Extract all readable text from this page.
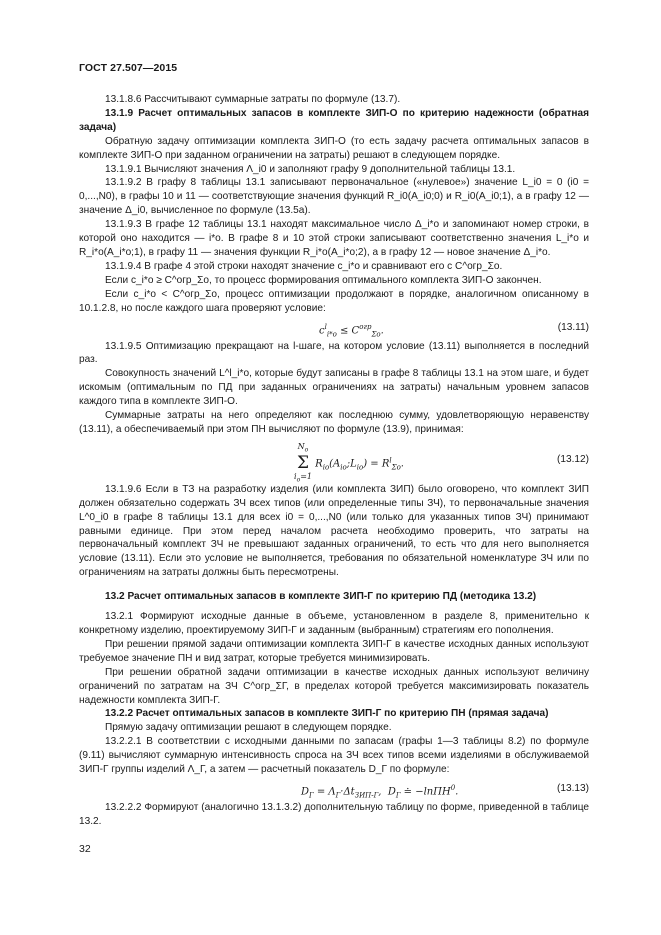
ГОСТ 27.507—2015

13.1.8.6 Рассчитывают суммарные затраты по формуле (13.7).

13.1.9 Расчет оптимальных запасов в комплекте ЗИП-О по критерию надежности (обратная задача)

Обратную задачу оптимизации комплекта ЗИП-О (то есть задачу расчета оптимальных запасов в комплекте ЗИП-О при заданном ограничении на затраты) решают в следующем порядке.

13.1.9.1 Вычисляют значения Λ_i0 и заполняют графу 9 дополнительной таблицы 13.1.

13.1.9.2 В графу 8 таблицы 13.1 записывают первоначальное («нулевое») значение L_i0 = 0 (i0 = 0,...,N0), в графы 10 и 11 — соответствующие значения функций R_i0(A_i0;0) и R_i0(A_i0;1), а в графу 12 — значение Δ_i0, вычисленное по формуле (13.5а).

13.1.9.3 В графе 12 таблицы 13.1 находят максимальное число Δ_i*o и запоминают номер строки, в которой оно находится — i*o. В графе 8 и 10 этой строки записывают соответственно значения L_i*o и R_i*o(A_i*o;1), в графу 11 — значения функции R_i*o(A_i*o;2), а в графу 12 — новое значение Δ_i*o.

13.1.9.4 В графе 4 этой строки находят значение c_i*o и сравнивают его с C^огр_Σo.

Если c_i*o ≥ C^огр_Σo, то процесс формирования оптимального комплекта ЗИП-О закончен.

Если c_i*o < C^огр_Σo, процесс оптимизации продолжают в порядке, аналогичном описанному в 10.1.2.8, но после каждого шага проверяют условие:

$c^l_{i*o} \le C^{огр}_{\Sigma o}$.	(13.11)

13.1.9.5 Оптимизацию прекращают на l-шаге, на котором условие (13.11) выполняется в последний раз.

Совокупность значений L^l_i*o, которые будут записаны в графе 8 таблицы 13.1 на этом шаге, и будет искомым (оптимальным по ПД при заданных ограничениях на затраты) начальным уровнем запасов каждого типа в комплекте ЗИП-О.

Суммарные затраты на него определяют как последнюю сумму, удовлетворяющую неравенству (13.11), а обеспечиваемый при этом ПН вычисляют по формуле (13.9), принимая:

$N_o$
Σ
$i_o=1$ $R_{io}(A_{io};L_{io}) = R^l_{\Sigma o}$.	(13.12)

13.1.9.6 Если в ТЗ на разработку изделия (или комплекта ЗИП) было оговорено, что комплект ЗИП должен обязательно содержать ЗЧ всех типов (или определенные типы ЗЧ), то первоначальные значения L^0_i0 в графе 8 таблицы 13.1 для всех i0 = 0,...,N0 (или только для указанных типов ЗЧ) принимают равными единице. При этом перед началом расчета необходимо проверить, что затраты на первоначальный комплект ЗЧ не превышают заданных ограничений, то есть что для него выполняется условие (13.11). Если это условие не выполняется, требования по обязательной номенклатуре ЗЧ или по ограничениям на затраты должны быть пересмотрены.

13.2 Расчет оптимальных запасов в комплекте ЗИП-Г по критерию ПД (методика 13.2)

13.2.1 Формируют исходные данные в объеме, установленном в разделе 8, применительно к конкретному изделию, проектируемому ЗИП-Г и заданным (выбранным) стратегиям его пополнения.

При решении прямой задачи оптимизации комплекта ЗИП-Г в качестве исходных данных используют требуемое значение ПН и вид затрат, которые требуется минимизировать.

При решении обратной задачи оптимизации в качестве исходных данных используют величину ограничений по затратам на ЗЧ C^огр_ΣГ, в пределах которой требуется максимизировать показатель надежности комплекта ЗИП-Г.

13.2.2 Расчет оптимальных запасов в комплекте ЗИП-Г по критерию ПН (прямая задача)

Прямую задачу оптимизации решают в следующем порядке.

13.2.2.1 В соответствии с исходными данными по запасам (графы 1—3 таблицы 8.2) по формуле (9.11) вычисляют суммарную интенсивность спроса на ЗЧ всех типов всеми изделиями в обслуживаемой ЗИП-Г группы изделий Λ_Г, а затем — расчетный показатель D_Г по формуле:

$D_Г = \Lambda_Г\cdot\Delta t_{ЗИП-Г}$,  $D_Г$ ≐ −lnПН$^0$.	(13.13)

13.2.2.2 Формируют (аналогично 13.1.3.2) дополнительную таблицу по форме, приведенной в таблице 13.2.

32
